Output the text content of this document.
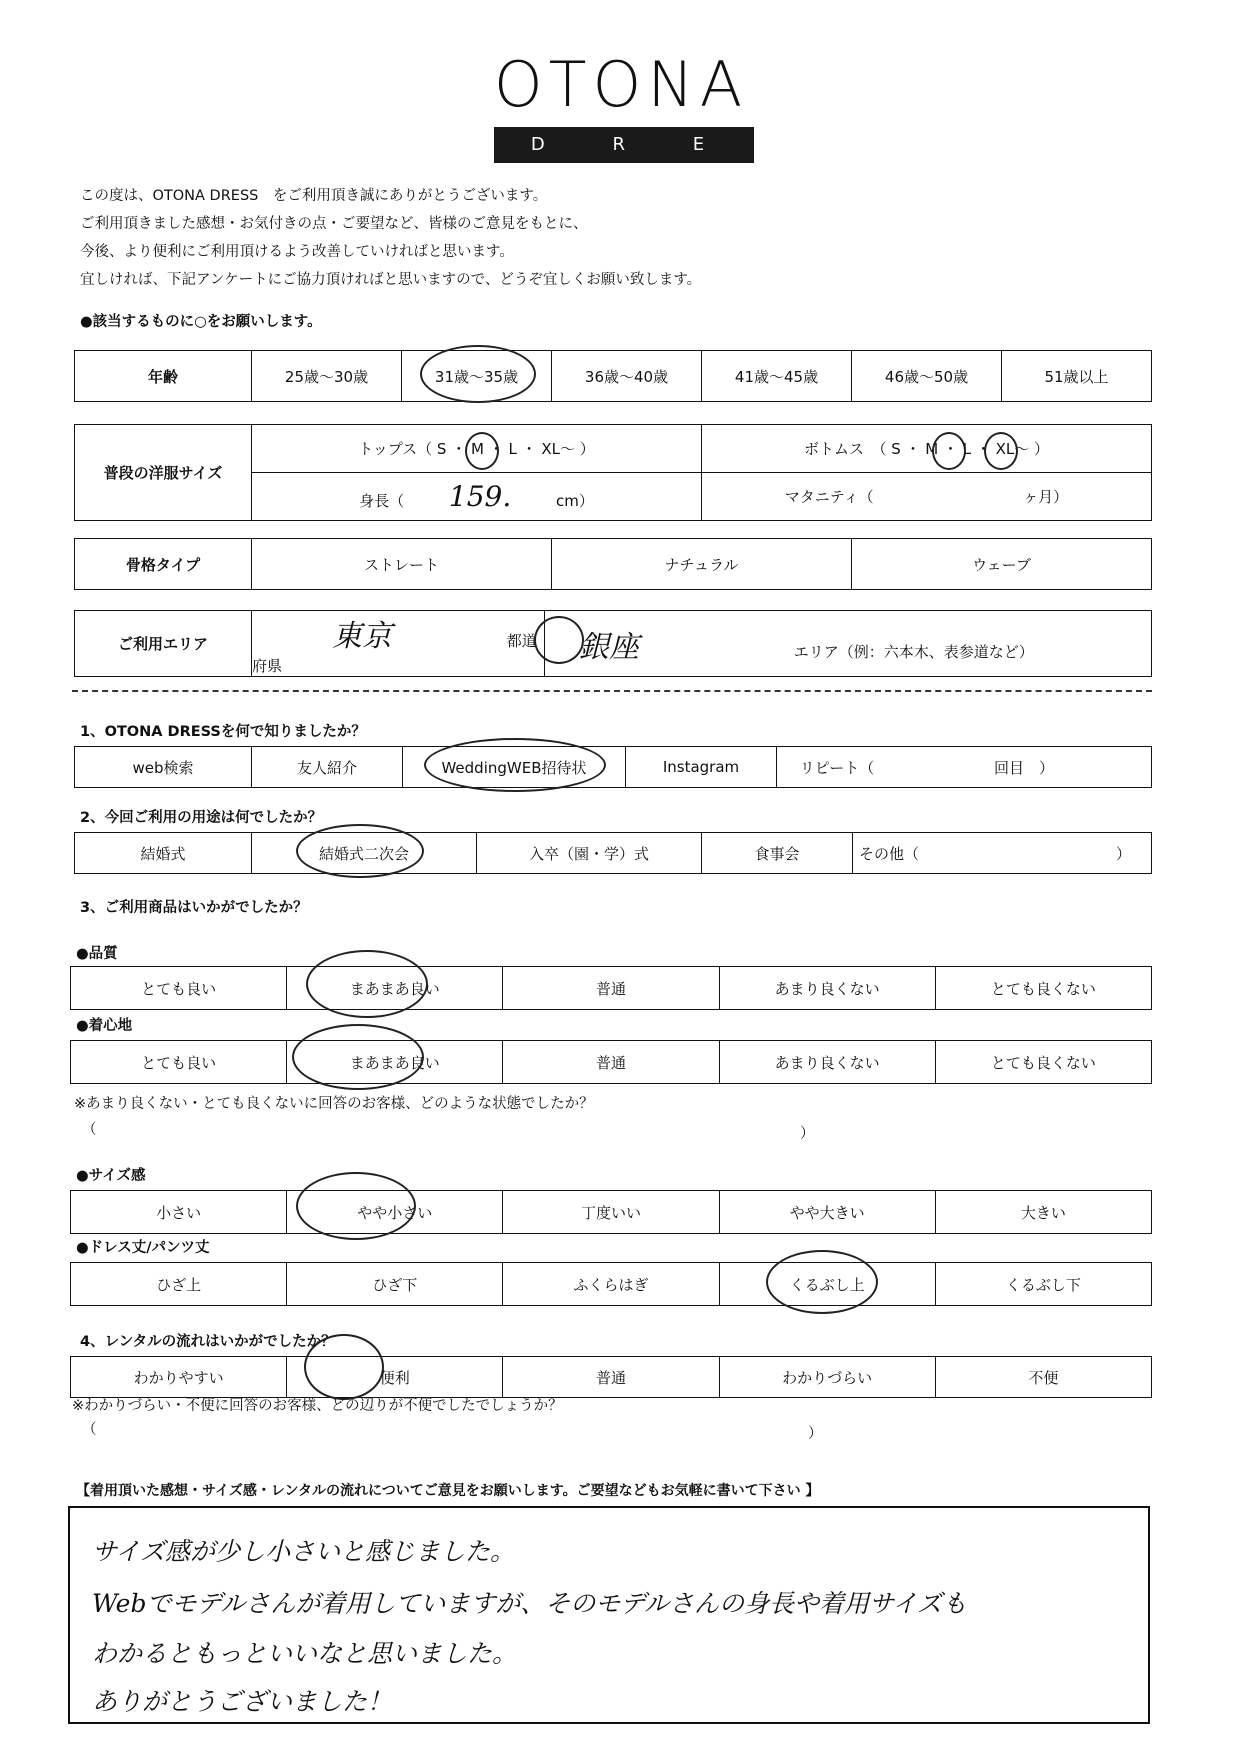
OTONA
D R E S S
この度は、OTONA DRESS　をご利用頂き誠にありがとうございます。
ご利用頂きました感想・お気付きの点・ご要望など、皆様のご意見をもとに、
今後、より便利にご利用頂けるよう改善していければと思います。
宜しければ、下記アンケートにご協力頂ければと思いますので、どうぞ宜しくお願い致します。
●該当するものに○をお願いします。
年齢	25歳～30歳	31歳～35歳	36歳～40歳	41歳～45歳	46歳～50歳	51歳以上
普段の洋服サイズ	トップス（ S ・ M ・ L ・ XL～ ）	ボトムス　（ S ・ M ・ L ・ XL～ ）
	身長（ 159. cm）	マタニティ（ ヶ月）
骨格タイプ	ストレート	ナチュラル	ウェーブ
ご利用エリア	東京	都道府県	銀座	エリア（例：六本木、表参道など）
1、OTONA DRESSを何で知りましたか？
web検索	友人紹介	WeddingWEB招待状	Instagram	リピート（	回目　）
2、今回ご利用の用途は何でしたか？
結婚式	結婚式二次会	入卒（園・学）式	食事会	その他（	）
3、ご利用商品はいかがでしたか？
●品質
とても良い	まあまあ良い	普通	あまり良くない	とても良くない
●着心地
とても良い	まあまあ良い	普通	あまり良くない	とても良くない
※あまり良くない・とても良くないに回答のお客様、どのような状態でしたか？
（	）
●サイズ感
小さい	やや小さい	丁度いい	やや大きい	大きい
●ドレス丈/パンツ丈
ひざ上	ひざ下	ふくらはぎ	くるぶし上	くるぶし下
4、レンタルの流れはいかがでしたか？
わかりやすい	便利	普通	わかりづらい	不便
※わかりづらい・不便に回答のお客様、どの辺りが不便でしたでしょうか？
（	）
【着用頂いた感想・サイズ感・レンタルの流れについてご意見をお願いします。ご要望などもお気軽に書いて下さい 】
サイズ感が少し小さいと感じました。
Webでモデルさんが着用していますが、そのモデルさんの身長や着用サイズも
わかるともっといいなと思いました。
ありがとうございました！
